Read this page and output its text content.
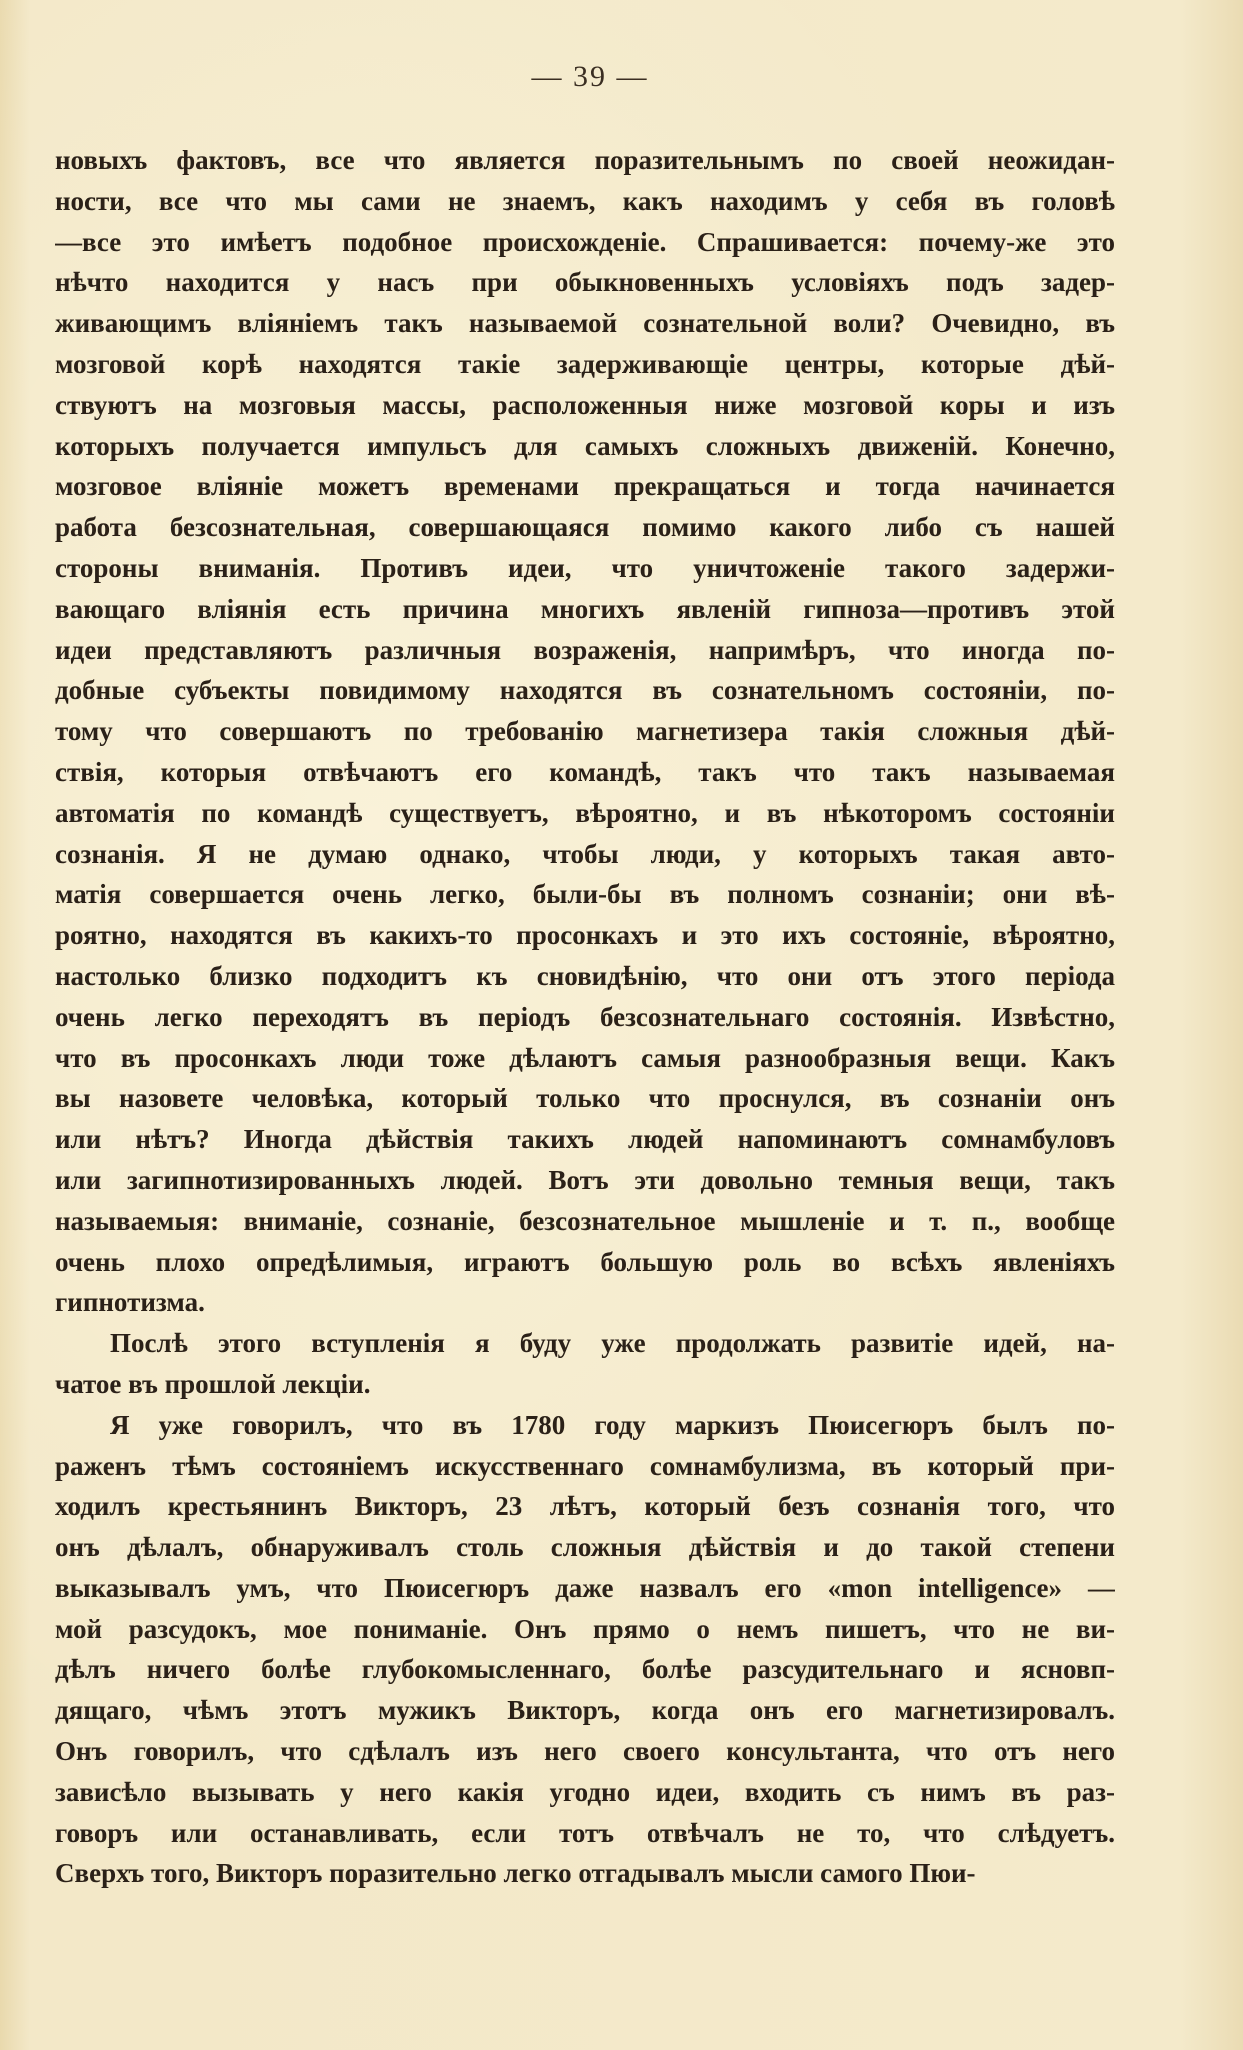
— 39 —
новыхъ фактовъ, все что является поразительнымъ по своей неожидан-
ности, все что мы сами не знаемъ, какъ находимъ у себя въ головѣ
—все это имѣетъ подобное происхожденіе. Спрашивается: почему-же это
нѣчто находится у насъ при обыкновенныхъ условіяхъ подъ задер-
живающимъ вліяніемъ такъ называемой сознательной воли? Очевидно, въ
мозговой корѣ находятся такіе задерживающіе центры, которые дѣй-
ствуютъ на мозговыя массы, расположенныя ниже мозговой коры и изъ
которыхъ получается импульсъ для самыхъ сложныхъ движеній. Конечно,
мозговое вліяніе можетъ временами прекращаться и тогда начинается
работа безсознательная, совершающаяся помимо какого либо съ нашей
стороны вниманія. Противъ идеи, что уничтоженіе такого задержи-
вающаго вліянія есть причина многихъ явленій гипноза—противъ этой
идеи представляютъ различныя возраженія, напримѣръ, что иногда по-
добные субъекты повидимому находятся въ сознательномъ состояніи, по-
тому что совершаютъ по требованію магнетизера такія сложныя дѣй-
ствія, которыя отвѣчаютъ его командѣ, такъ что такъ называемая
автоматія по командѣ существуетъ, вѣроятно, и въ нѣкоторомъ состояніи
сознанія. Я не думаю однако, чтобы люди, у которыхъ такая авто-
матія совершается очень легко, были-бы въ полномъ сознаніи; они вѣ-
роятно, находятся въ какихъ-то просонкахъ и это ихъ состояніе, вѣроятно,
настолько близко подходитъ къ сновидѣнію, что они отъ этого періода
очень легко переходятъ въ періодъ безсознательнаго состоянія. Извѣстно,
что въ просонкахъ люди тоже дѣлаютъ самыя разнообразныя вещи. Какъ
вы назовете человѣка, который только что проснулся, въ сознаніи онъ
или нѣтъ? Иногда дѣйствія такихъ людей напоминаютъ сомнамбуловъ
или загипнотизированныхъ людей. Вотъ эти довольно темныя вещи, такъ
называемыя: вниманіе, сознаніе, безсознательное мышленіе и т. п., вообще
очень плохо опредѣлимыя, играютъ большую роль во всѣхъ явленіяхъ
гипнотизма.
Послѣ этого вступленія я буду уже продолжать развитіе идей, на-
чатое въ прошлой лекціи.
Я уже говорилъ, что въ 1780 году маркизъ Пюисегюръ былъ по-
раженъ тѣмъ состояніемъ искусственнаго сомнамбулизма, въ который при-
ходилъ крестьянинъ Викторъ, 23 лѣтъ, который безъ сознанія того, что
онъ дѣлалъ, обнаруживалъ столь сложныя дѣйствія и до такой степени
выказывалъ умъ, что Пюисегюръ даже назвалъ его «mon intelligence» —
мой разсудокъ, мое пониманіе. Онъ прямо о немъ пишетъ, что не ви-
дѣлъ ничего болѣе глубокомысленнаго, болѣе разсудительнаго и ясновп-
дящаго, чѣмъ этотъ мужикъ Викторъ, когда онъ его магнетизировалъ.
Онъ говорилъ, что сдѣлалъ изъ него своего консультанта, что отъ него
зависѣло вызывать у него какія угодно идеи, входить съ нимъ въ раз-
говоръ или останавливать, если тотъ отвѣчалъ не то, что слѣдуетъ.
Сверхъ того, Викторъ поразительно легко отгадывалъ мысли самого Пюи-
